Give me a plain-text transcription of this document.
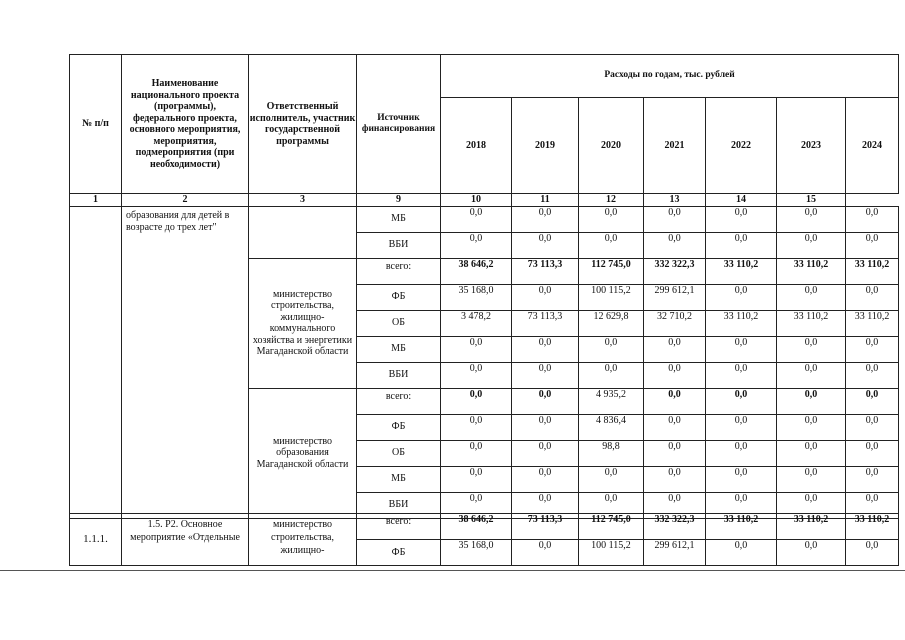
№ п/п	Наименование национального проекта (программы), федерального проекта, основного мероприятия, мероприятия, подмероприятия (при необходимости)	Ответственный исполнитель, участник государственной программы	Источник финансирования	Расходы по годам, тыс. рублей						
				2018	2019	2020	2021	2022	2023	2024
1	2	3	9	10	11	12	13	14	15	
	образования для детей в возрасте до трех лет"		МБ	0,0	0,0	0,0	0,0	0,0	0,0	0,0
			ВБИ	0,0	0,0	0,0	0,0	0,0	0,0	0,0
		министерство строительства, жилищно-коммунального хозяйства и энергетики Магаданской области	всего:	38 646,2	73 113,3	112 745,0	332 322,3	33 110,2	33 110,2	33 110,2
			ФБ	35 168,0	0,0	100 115,2	299 612,1	0,0	0,0	0,0
			ОБ	3 478,2	73 113,3	12 629,8	32 710,2	33 110,2	33 110,2	33 110,2
			МБ	0,0	0,0	0,0	0,0	0,0	0,0	0,0
			ВБИ	0,0	0,0	0,0	0,0	0,0	0,0	0,0
		министерство образования Магаданской области	всего:	0,0	0,0	4 935,2	0,0	0,0	0,0	0,0
			ФБ	0,0	0,0	4 836,4	0,0	0,0	0,0	0,0
			ОБ	0,0	0,0	98,8	0,0	0,0	0,0	0,0
			МБ	0,0	0,0	0,0	0,0	0,0	0,0	0,0
			ВБИ	0,0	0,0	0,0	0,0	0,0	0,0	0,0
1.1.1.	1.5. Р2. Основное мероприятие «Отдельные	министерство строительства, жилищно-	всего:	38 646,2	73 113,3	112 745,0	332 322,3	33 110,2	33 110,2	33 110,2
			ФБ	35 168,0	0,0	100 115,2	299 612,1	0,0	0,0	0,0
